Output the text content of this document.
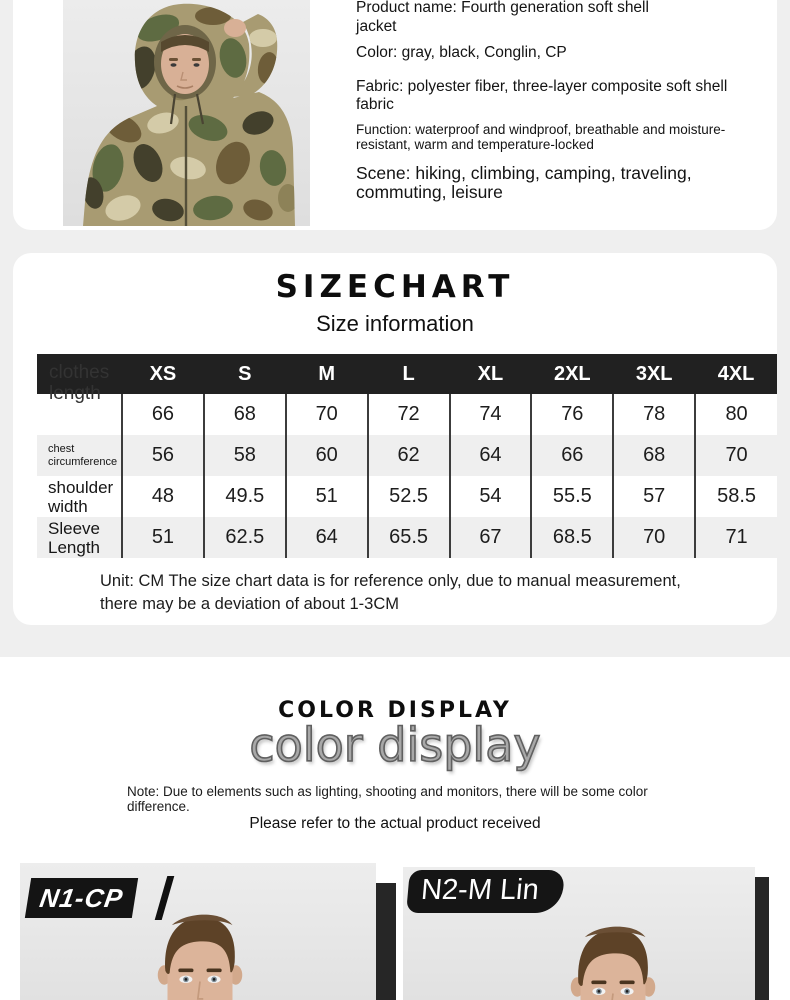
Product name: Fourth generation soft shell jacket

Color: gray, black, Conglin, CP

Fabric: polyester fiber, three-layer composite soft shell fabric

Function: waterproof and windproof, breathable and moisture-resistant, warm and temperature-locked

Scene: hiking, climbing, camping, traveling, commuting, leisure

SIZECHART
Size information
clothes length	XS	S	M	L	XL	2XL	3XL	4XL
	66	68	70	72	74	76	78	80
chest circumference	56	58	60	62	64	66	68	70
shoulder width	48	49.5	51	52.5	54	55.5	57	58.5
Sleeve Length	51	62.5	64	65.5	67	68.5	70	71

Unit: CM The size chart data is for reference only, due to manual measurement, there may be a deviation of about 1-3CM

COLOR DISPLAY
color display

Note: Due to elements such as lighting, shooting and monitors, there will be some color difference.

Please refer to the actual product received

N1-CP	N2-M Lin
